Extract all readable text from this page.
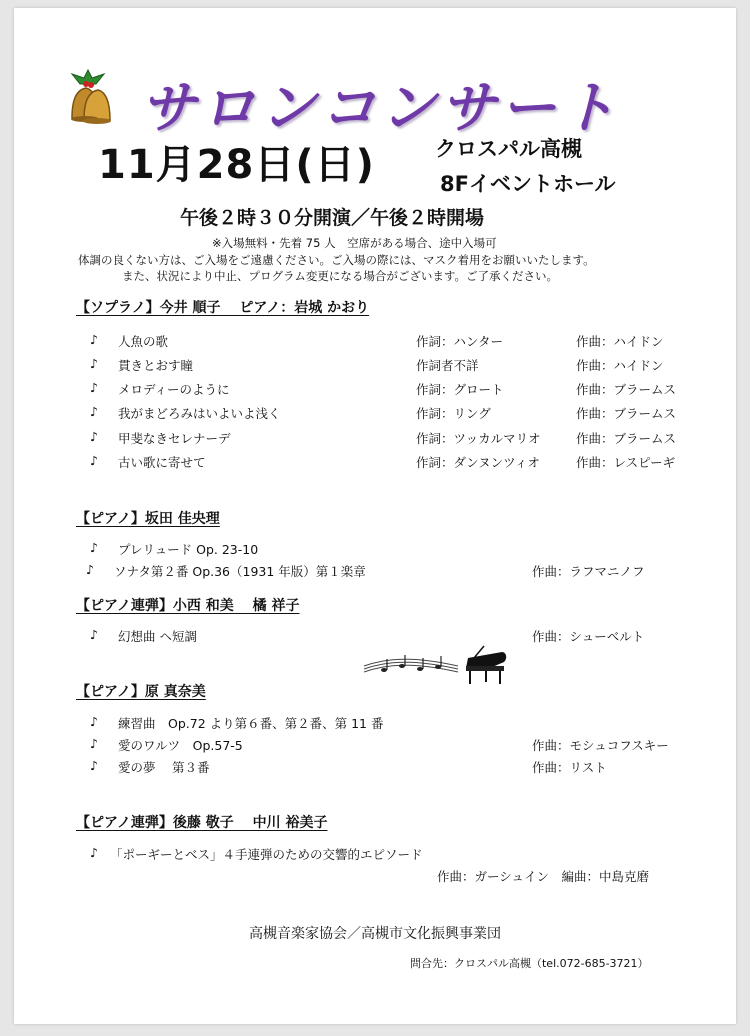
サロンコンサート
11月28日(日)	クロスパル高槻
8Fイベントホール
午後２時３０分開演／午後２時開場
※入場無料・先着 75 人　空席がある場合、途中入場可
体調の良くない方は、ご入場をご遠慮ください。ご入場の際には、マスク着用をお願いいたします。
また、状況により中止、プログラム変更になる場合がございます。ご了承ください。
【ソプラノ】今井 順子　 ピアノ：岩城 かおり
♪ 人魚の歌	作詞：ハンター	作曲：ハイドン
♪ 貫きとおす瞳	作詞者不詳	作曲：ハイドン
♪ メロディーのように	作詞：グロート	作曲：ブラームス
♪ 我がまどろみはいよいよ浅く	作詞：リング	作曲：ブラームス
♪ 甲斐なきセレナーデ	作詞：ツッカルマリオ	作曲：ブラームス
♪ 古い歌に寄せて	作詞：ダンヌンツィオ	作曲：レスピーギ
【ピアノ】坂田 佳央理
♪ プレリュード Op. 23-10
♪ ソナタ第２番 Op.36（1931 年版）第１楽章	作曲：ラフマニノフ
【ピアノ連弾】小西 和美　 橘 祥子
♪ 幻想曲 ヘ短調	作曲：シューベルト
【ピアノ】原 真奈美
♪ 練習曲　Op.72 より第６番、第２番、第 11 番
♪ 愛のワルツ　Op.57-5	作曲：モシュコフスキー
♪ 愛の夢　 第３番	作曲：リスト
【ピアノ連弾】後藤 敬子　 中川 裕美子
♪ 「ポーギーとベス」４手連弾のための交響的エピソード
作曲：ガーシュイン　編曲：中島克磨
高槻音楽家協会／高槻市文化振興事業団
問合先：クロスパル高槻（tel.072-685-3721）
